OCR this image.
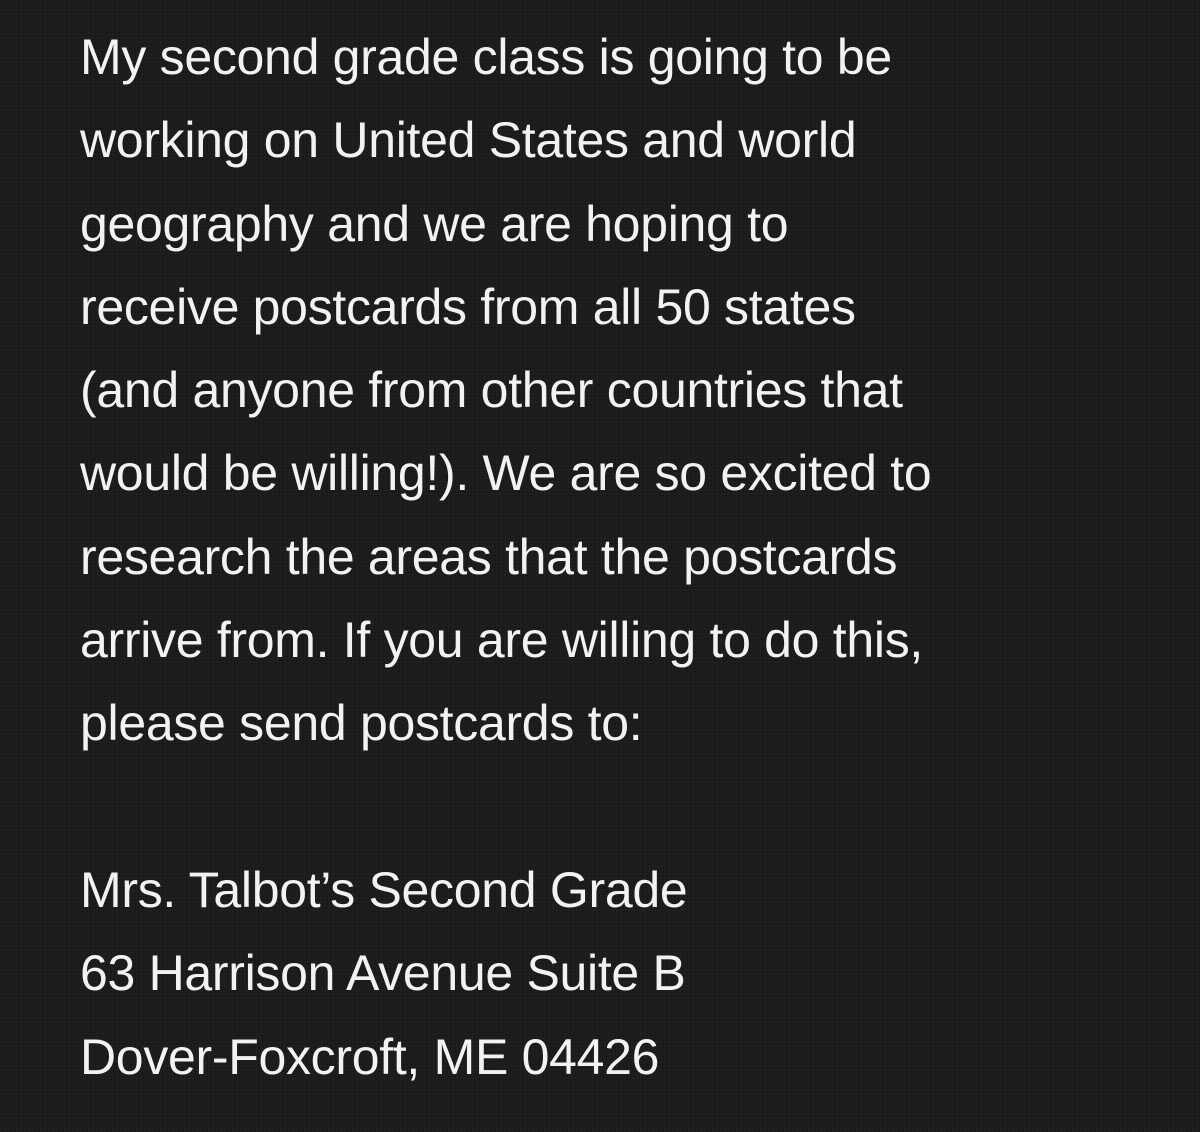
My second grade class is going to be
working on United States and world
geography and we are hoping to
receive postcards from all 50 states
(and anyone from other countries that
would be willing!). We are so excited to
research the areas that the postcards
arrive from. If you are willing to do this,
please send postcards to:
Mrs. Talbot’s Second Grade
63 Harrison Avenue Suite B
Dover-Foxcroft, ME 04426
